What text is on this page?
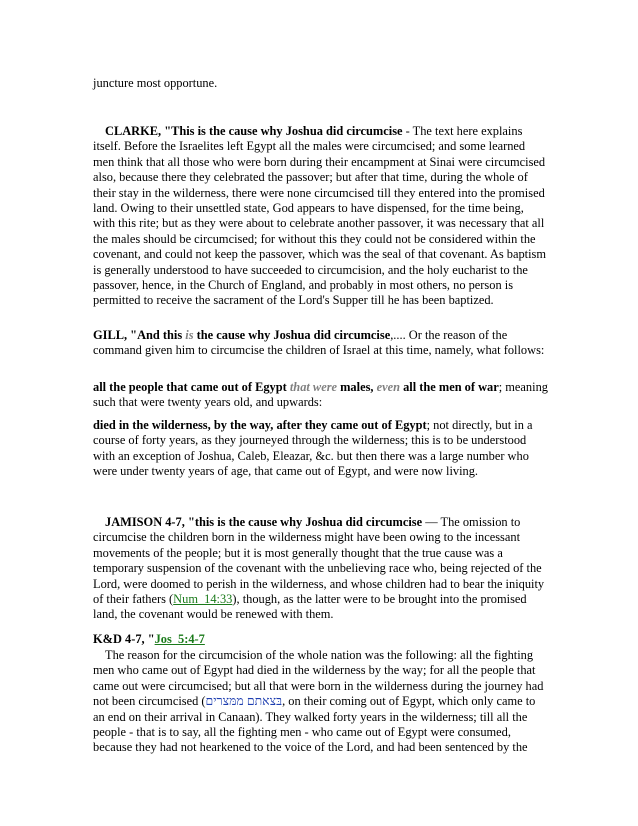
juncture most opportune.

CLARKE, "This is the cause why Joshua did circumcise - The text here explains itself. Before the Israelites left Egypt all the males were circumcised; and some learned men think that all those who were born during their encampment at Sinai were circumcised also, because there they celebrated the passover; but after that time, during the whole of their stay in the wilderness, there were none circumcised till they entered into the promised land. Owing to their unsettled state, God appears to have dispensed, for the time being, with this rite; but as they were about to celebrate another passover, it was necessary that all the males should be circumcised; for without this they could not be considered within the covenant, and could not keep the passover, which was the seal of that covenant. As baptism is generally understood to have succeeded to circumcision, and the holy eucharist to the passover, hence, in the Church of England, and probably in most others, no person is permitted to receive the sacrament of the Lord's Supper till he has been baptized.

GILL, "And this is the cause why Joshua did circumcise,.... Or the reason of the command given him to circumcise the children of Israel at this time, namely, what follows:

all the people that came out of Egypt that were males, even all the men of war; meaning such that were twenty years old, and upwards:

died in the wilderness, by the way, after they came out of Egypt; not directly, but in a course of forty years, as they journeyed through the wilderness; this is to be understood with an exception of Joshua, Caleb, Eleazar, &c. but then there was a large number who were under twenty years of age, that came out of Egypt, and were now living.

JAMISON 4-7, "this is the cause why Joshua did circumcise — The omission to circumcise the children born in the wilderness might have been owing to the incessant movements of the people; but it is most generally thought that the true cause was a temporary suspension of the covenant with the unbelieving race who, being rejected of the Lord, were doomed to perish in the wilderness, and whose children had to bear the iniquity of their fathers (Num_14:33), though, as the latter were to be brought into the promised land, the covenant would be renewed with them.

K&D 4-7, "Jos_5:4-7

The reason for the circumcision of the whole nation was the following: all the fighting men who came out of Egypt had died in the wilderness by the way; for all the people that came out were circumcised; but all that were born in the wilderness during the journey had not been circumcised (בּצאתם ממּצרים, on their coming out of Egypt, which only came to an end on their arrival in Canaan). They walked forty years in the wilderness; till all the people - that is to say, all the fighting men - who came out of Egypt were consumed, because they had not hearkened to the voice of the Lord, and had been sentenced by the
